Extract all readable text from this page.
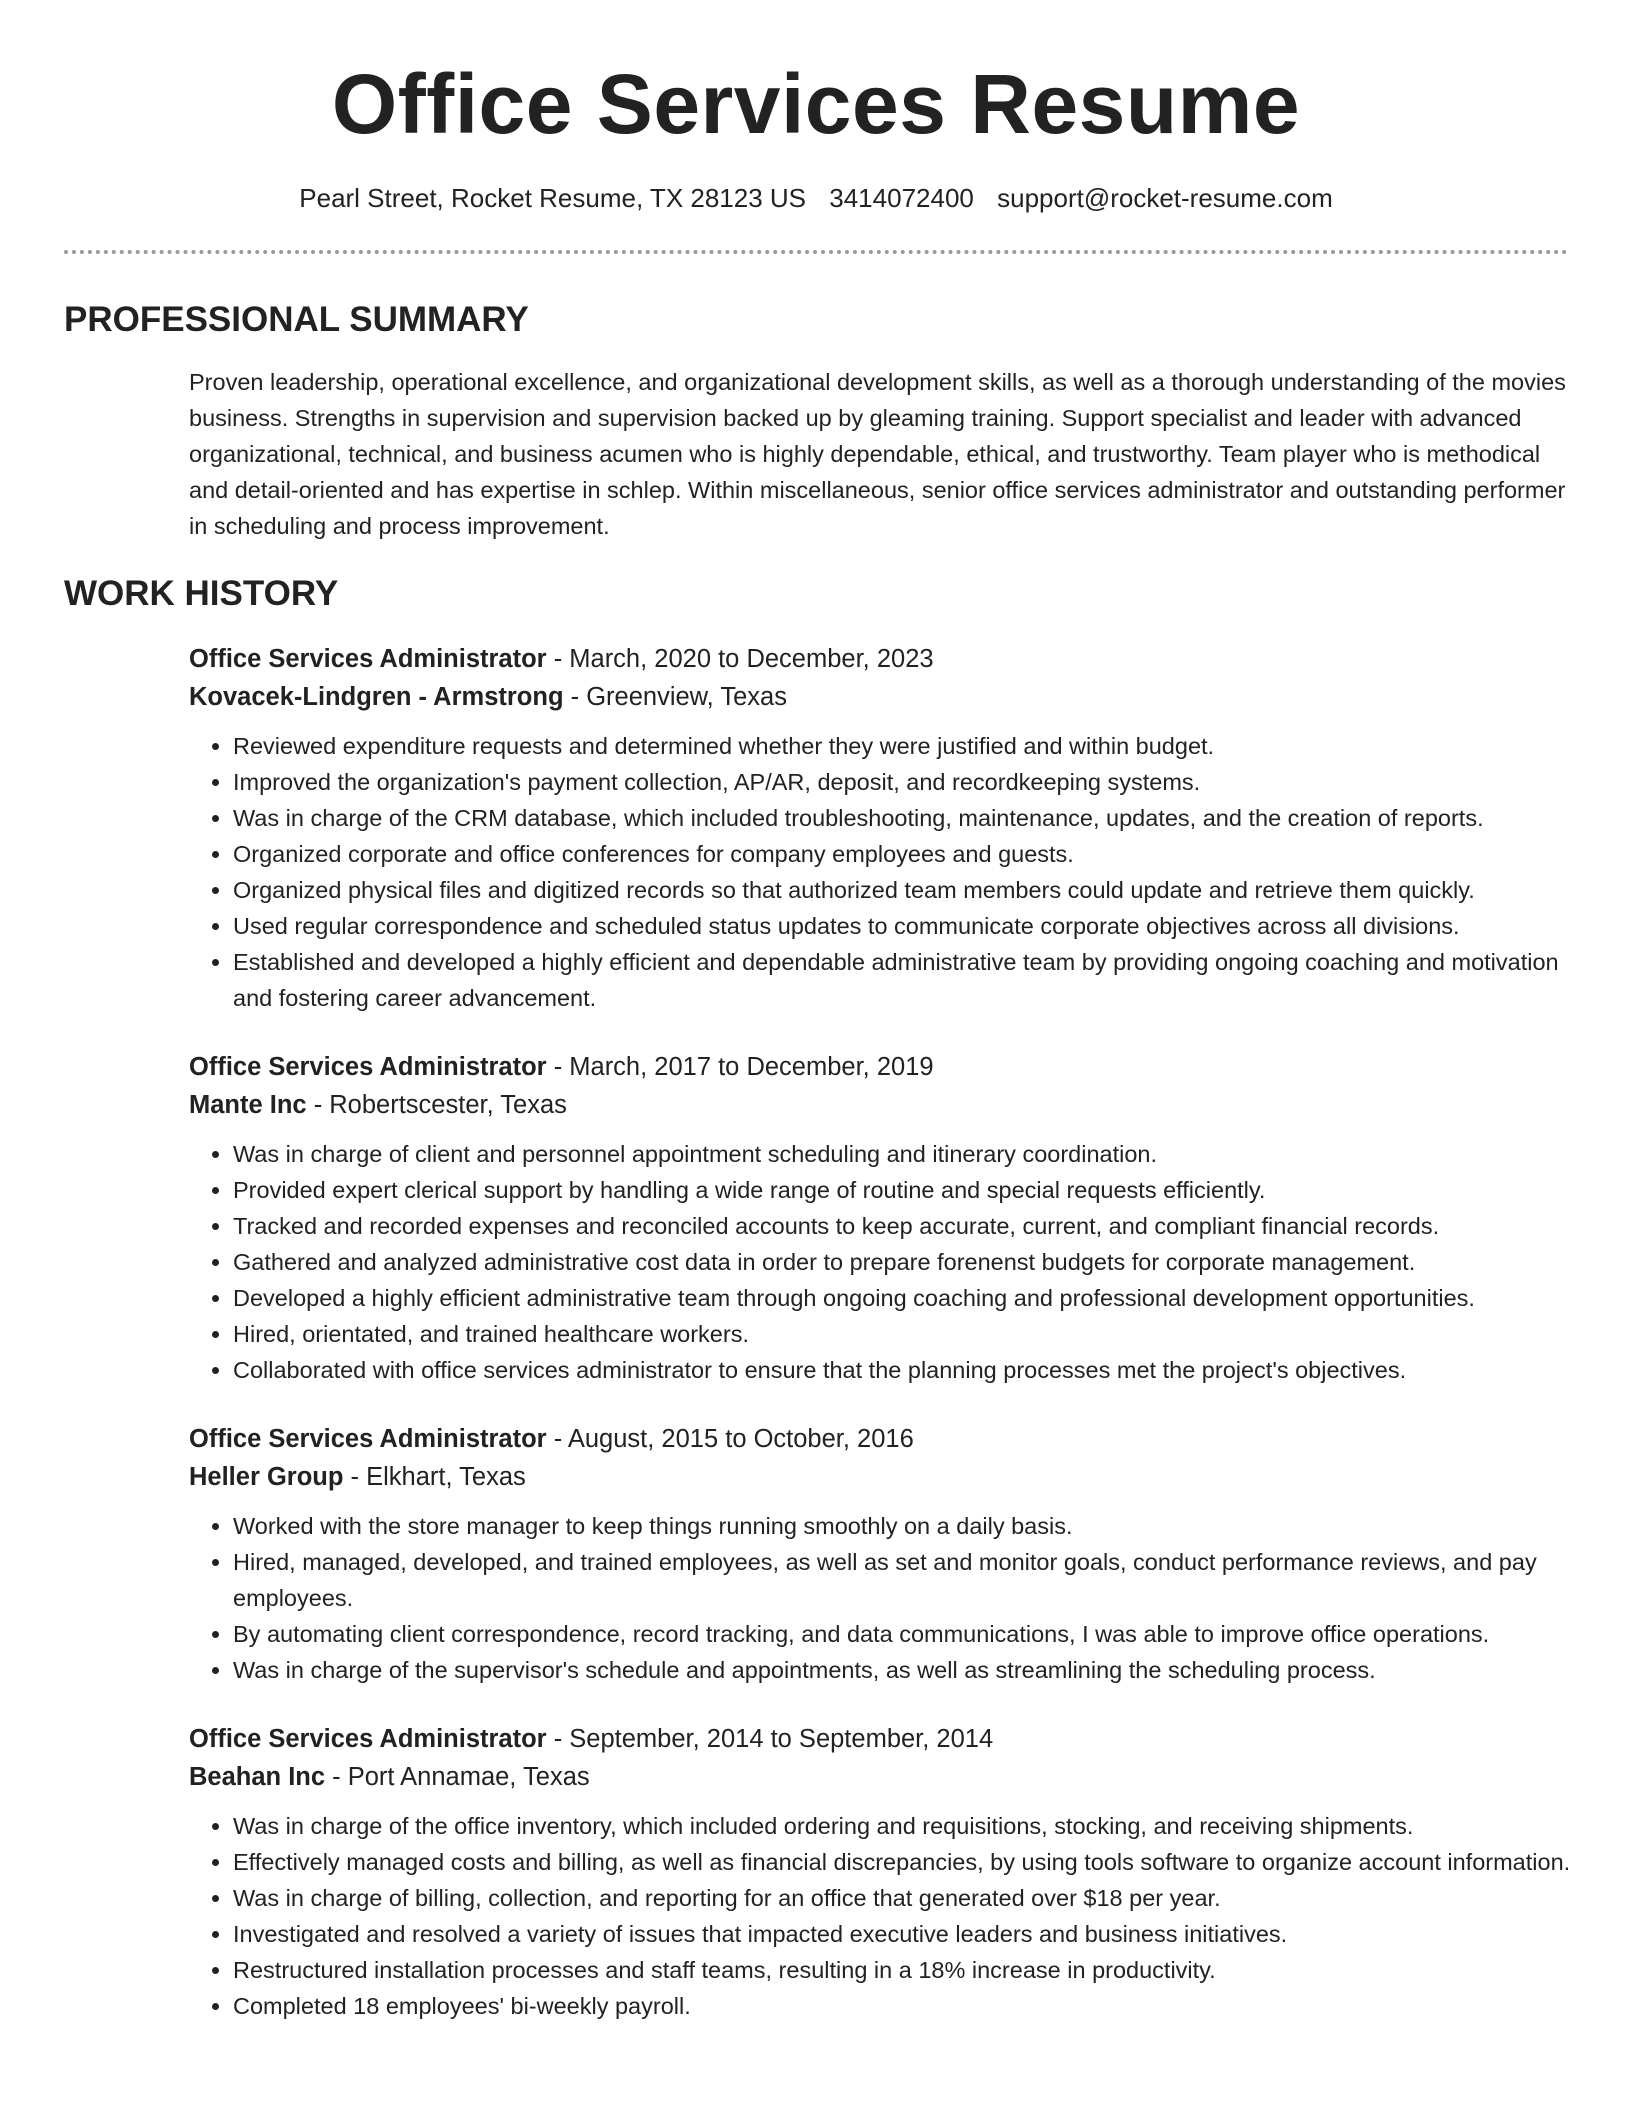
Office Services Resume
Pearl Street, Rocket Resume, TX 28123 US 3414072400 support@rocket-resume.com
PROFESSIONAL SUMMARY

Proven leadership, operational excellence, and organizational development skills, as well as a thorough understanding of the movies business. Strengths in supervision and supervision backed up by gleaming training. Support specialist and leader with advanced organizational, technical, and business acumen who is highly dependable, ethical, and trustworthy. Team player who is methodical and detail-oriented and has expertise in schlep. Within miscellaneous, senior office services administrator and outstanding performer in scheduling and process improvement.

WORK HISTORY

Office Services Administrator - March, 2020 to December, 2023

Kovacek-Lindgren - Armstrong - Greenview, Texas

• Reviewed expenditure requests and determined whether they were justified and within budget.
• Improved the organization's payment collection, AP/AR, deposit, and recordkeeping systems.
• Was in charge of the CRM database, which included troubleshooting, maintenance, updates, and the creation of reports.
• Organized corporate and office conferences for company employees and guests.
• Organized physical files and digitized records so that authorized team members could update and retrieve them quickly.
• Used regular correspondence and scheduled status updates to communicate corporate objectives across all divisions.
• Established and developed a highly efficient and dependable administrative team by providing ongoing coaching and motivation and fostering career advancement.

Office Services Administrator - March, 2017 to December, 2019

Mante Inc - Robertscester, Texas

• Was in charge of client and personnel appointment scheduling and itinerary coordination.
• Provided expert clerical support by handling a wide range of routine and special requests efficiently.
• Tracked and recorded expenses and reconciled accounts to keep accurate, current, and compliant financial records.
• Gathered and analyzed administrative cost data in order to prepare forenenst budgets for corporate management.
• Developed a highly efficient administrative team through ongoing coaching and professional development opportunities.
• Hired, orientated, and trained healthcare workers.
• Collaborated with office services administrator to ensure that the planning processes met the project's objectives.

Office Services Administrator - August, 2015 to October, 2016

Heller Group - Elkhart, Texas

• Worked with the store manager to keep things running smoothly on a daily basis.
• Hired, managed, developed, and trained employees, as well as set and monitor goals, conduct performance reviews, and pay employees.
• By automating client correspondence, record tracking, and data communications, I was able to improve office operations.
• Was in charge of the supervisor's schedule and appointments, as well as streamlining the scheduling process.

Office Services Administrator - September, 2014 to September, 2014

Beahan Inc - Port Annamae, Texas

• Was in charge of the office inventory, which included ordering and requisitions, stocking, and receiving shipments.
• Effectively managed costs and billing, as well as financial discrepancies, by using tools software to organize account information.
• Was in charge of billing, collection, and reporting for an office that generated over $18 per year.
• Investigated and resolved a variety of issues that impacted executive leaders and business initiatives.
• Restructured installation processes and staff teams, resulting in a 18% increase in productivity.
• Completed 18 employees' bi-weekly payroll.
